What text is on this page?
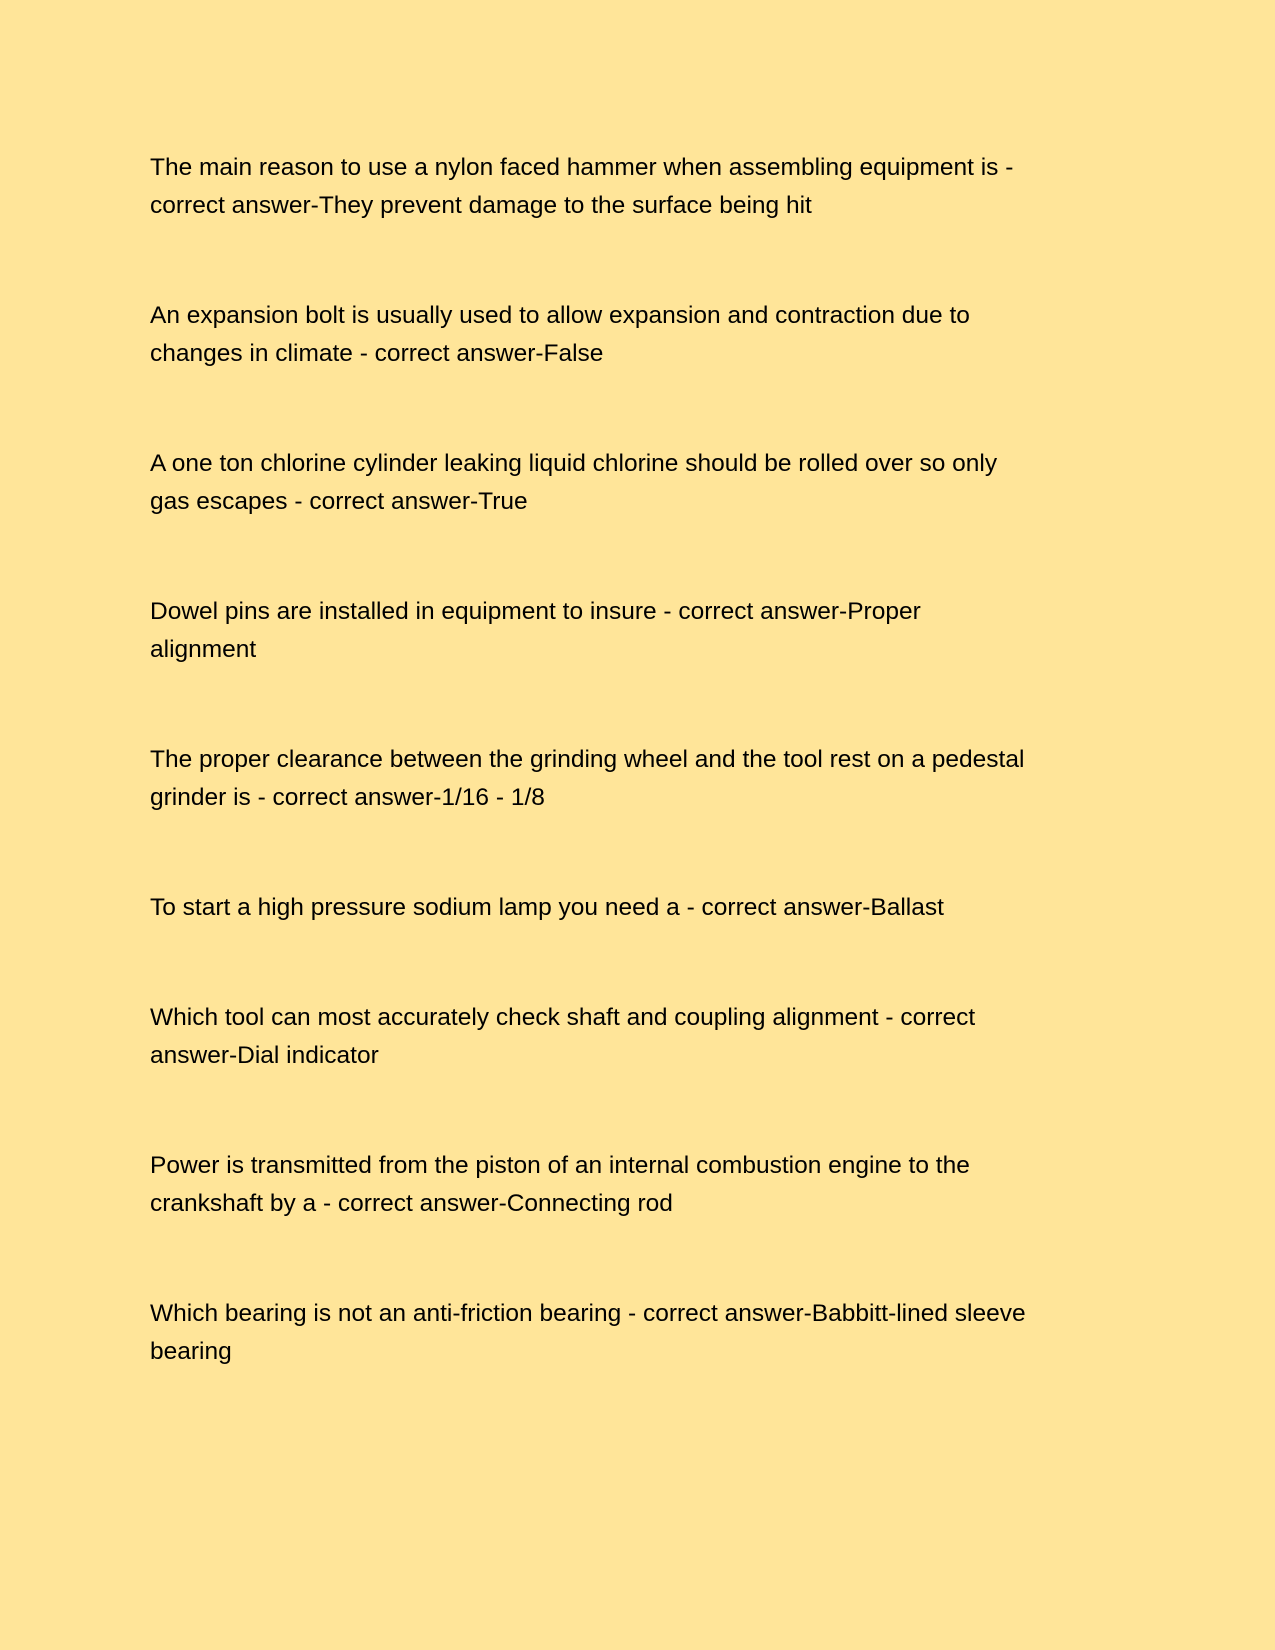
The main reason to use a nylon faced hammer when assembling equipment is -
correct answer-They prevent damage to the surface being hit
An expansion bolt is usually used to allow expansion and contraction due to
changes in climate - correct answer-False
A one ton chlorine cylinder leaking liquid chlorine should be rolled over so only
gas escapes - correct answer-True
Dowel pins are installed in equipment to insure - correct answer-Proper
alignment
The proper clearance between the grinding wheel and the tool rest on a pedestal
grinder is - correct answer-1/16 - 1/8
To start a high pressure sodium lamp you need a - correct answer-Ballast
Which tool can most accurately check shaft and coupling alignment - correct
answer-Dial indicator
Power is transmitted from the piston of an internal combustion engine to the
crankshaft by a - correct answer-Connecting rod
Which bearing is not an anti-friction bearing - correct answer-Babbitt-lined sleeve
bearing
